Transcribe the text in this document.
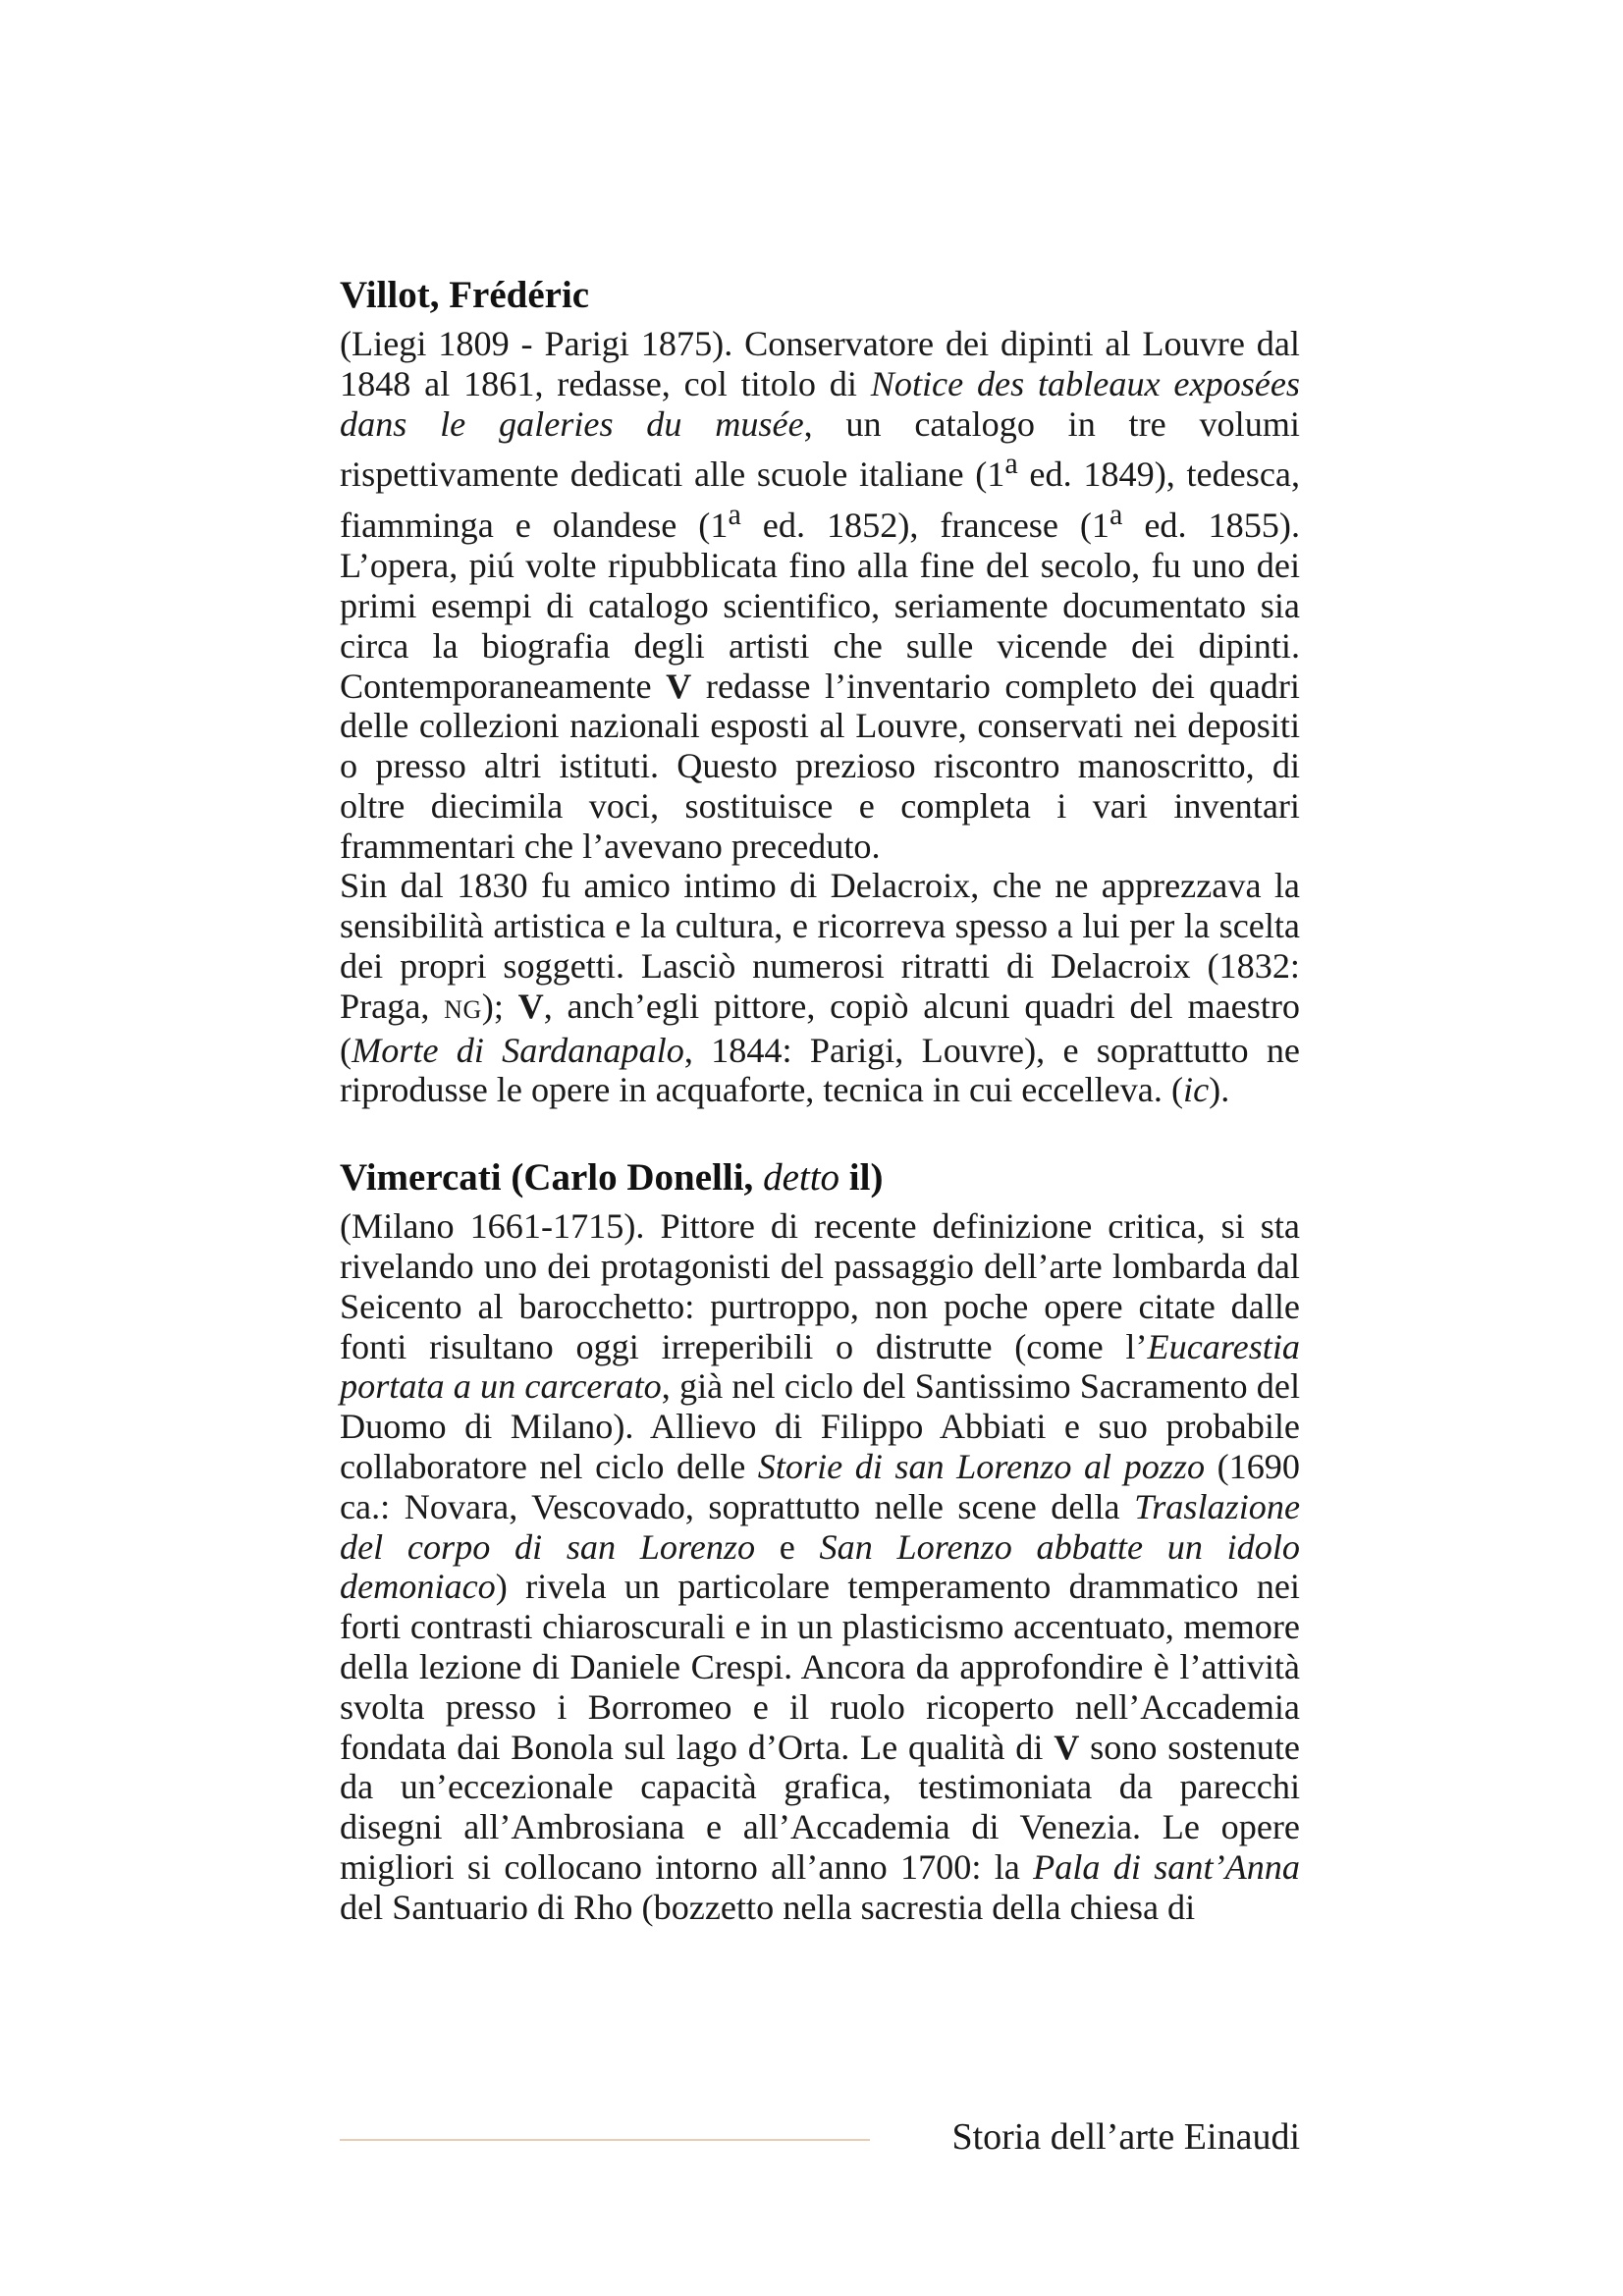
Villot, Frédéric

(Liegi 1809 - Parigi 1875). Conservatore dei dipinti al Louvre dal 1848 al 1861, redasse, col titolo di Notice des tableaux exposées dans le galeries du musée, un catalogo in tre volumi rispettivamente dedicati alle scuole italiane (1$^a$ ed. 1849), tedesca, fiamminga e olandese (1$^a$ ed. 1852), francese (1$^a$ ed. 1855). L’opera, piú volte ripubblicata fino alla fine del secolo, fu uno dei primi esempi di catalogo scientifico, seriamente documentato sia circa la biografia degli artisti che sulle vicende dei dipinti. Contemporaneamente V redasse l’inventario completo dei quadri delle collezioni nazionali esposti al Louvre, conservati nei depositi o presso altri istituti. Questo prezioso riscontro manoscritto, di oltre diecimila voci, sostituisce e completa i vari inventari frammentari che l’avevano preceduto.

Sin dal 1830 fu amico intimo di Delacroix, che ne apprezzava la sensibilità artistica e la cultura, e ricorreva spesso a lui per la scelta dei propri soggetti. Lasciò numerosi ritratti di Delacroix (1832: Praga, NG); V, anch’egli pittore, copiò alcuni quadri del maestro (Morte di Sardanapalo, 1844: Parigi, Louvre), e soprattutto ne riprodusse le opere in acquaforte, tecnica in cui eccelleva. (ic).

Vimercati (Carlo Donelli, detto il)

(Milano 1661-1715). Pittore di recente definizione critica, si sta rivelando uno dei protagonisti del passaggio dell’arte lombarda dal Seicento al barocchetto: purtroppo, non poche opere citate dalle fonti risultano oggi irreperibili o distrutte (come l’Eucarestia portata a un carcerato, già nel ciclo del Santissimo Sacramento del Duomo di Milano). Allievo di Filippo Abbiati e suo probabile collaboratore nel ciclo delle Storie di san Lorenzo al pozzo (1690 ca.: Novara, Vescovado, soprattutto nelle scene della Traslazione del corpo di san Lorenzo e San Lorenzo abbatte un idolo demoniaco) rivela un particolare temperamento drammatico nei forti contrasti chiaroscurali e in un plasticismo accentuato, memore della lezione di Daniele Crespi. Ancora da approfondire è l’attività svolta presso i Borromeo e il ruolo ricoperto nell’Accademia fondata dai Bonola sul lago d’Orta. Le qualità di V sono sostenute da un’eccezionale capacità grafica, testimoniata da parecchi disegni all’Ambrosiana e all’Accademia di Venezia. Le opere migliori si collocano intorno all’anno 1700: la Pala di sant’Anna del Santuario di Rho (bozzetto nella sacrestia della chiesa di

Storia dell’arte Einaudi
